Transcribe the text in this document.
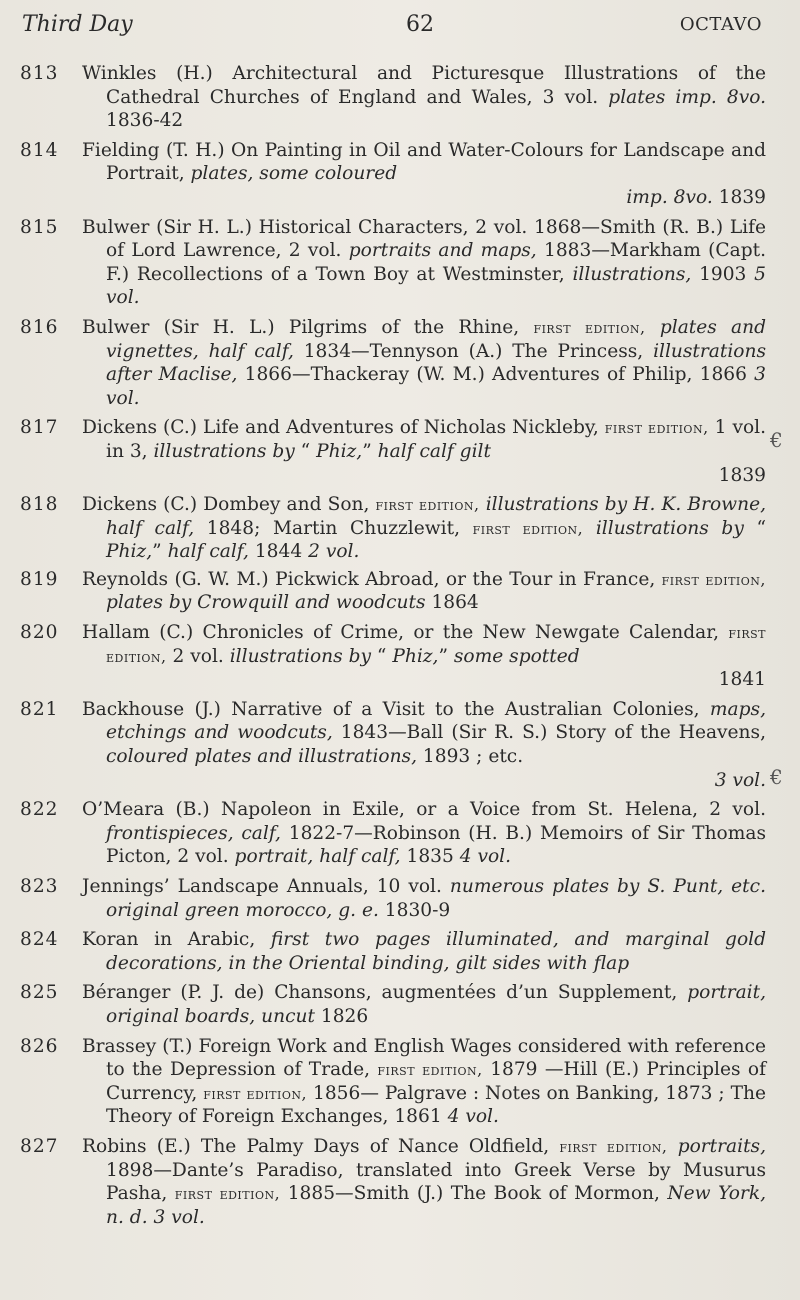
Third Day	62	OCTAVO
813 Winkles (H.) Architectural and Picturesque Illustrations of the Cathedral Churches of England and Wales, 3 vol. plates imp. 8vo. 1836-42
814 Fielding (T. H.) On Painting in Oil and Water-Colours for Landscape and Portrait, plates, some coloured
imp. 8vo. 1839
815 Bulwer (Sir H. L.) Historical Characters, 2 vol. 1868—Smith (R. B.) Life of Lord Lawrence, 2 vol. portraits and maps, 1883—Markham (Capt. F.) Recollections of a Town Boy at Westminster, illustrations, 1903 5 vol.
816 Bulwer (Sir H. L.) Pilgrims of the Rhine, first edition, plates and vignettes, half calf, 1834—Tennyson (A.) The Princess, illustrations after Maclise, 1866—Thackeray (W. M.) Adventures of Philip, 1866 3 vol.
817 Dickens (C.) Life and Adventures of Nicholas Nickleby, first edition, 1 vol. in 3, illustrations by “ Phiz,” half calf gilt
1839
818 Dickens (C.) Dombey and Son, first edition, illustrations by H. K. Browne, half calf, 1848; Martin Chuzzlewit, first edition, illustrations by “ Phiz,” half calf, 1844 2 vol.
819 Reynolds (G. W. M.) Pickwick Abroad, or the Tour in France, first edition, plates by Crowquill and woodcuts 1864
820 Hallam (C.) Chronicles of Crime, or the New Newgate Calendar, first edition, 2 vol. illustrations by “ Phiz,” some spotted
1841
821 Backhouse (J.) Narrative of a Visit to the Australian Colonies, maps, etchings and woodcuts, 1843—Ball (Sir R. S.) Story of the Heavens, coloured plates and illustrations, 1893 ; etc.
3 vol.
822 O’Meara (B.) Napoleon in Exile, or a Voice from St. Helena, 2 vol. frontispieces, calf, 1822-7—Robinson (H. B.) Memoirs of Sir Thomas Picton, 2 vol. portrait, half calf, 1835 4 vol.
823 Jennings’ Landscape Annuals, 10 vol. numerous plates by S. Punt, etc. original green morocco, g. e. 1830-9
824 Koran in Arabic, first two pages illuminated, and marginal gold decorations, in the Oriental binding, gilt sides with flap
825 Béranger (P. J. de) Chansons, augmentées d’un Supplement, portrait, original boards, uncut 1826
826 Brassey (T.) Foreign Work and English Wages considered with reference to the Depression of Trade, first edition, 1879 —Hill (E.) Principles of Currency, first edition, 1856— Palgrave : Notes on Banking, 1873 ; The Theory of Foreign Exchanges, 1861 4 vol.
827 Robins (E.) The Palmy Days of Nance Oldfield, first edition, portraits, 1898—Dante’s Paradiso, translated into Greek Verse by Musurus Pasha, first edition, 1885—Smith (J.) The Book of Mormon, New York, n. d. 3 vol.
€
€
